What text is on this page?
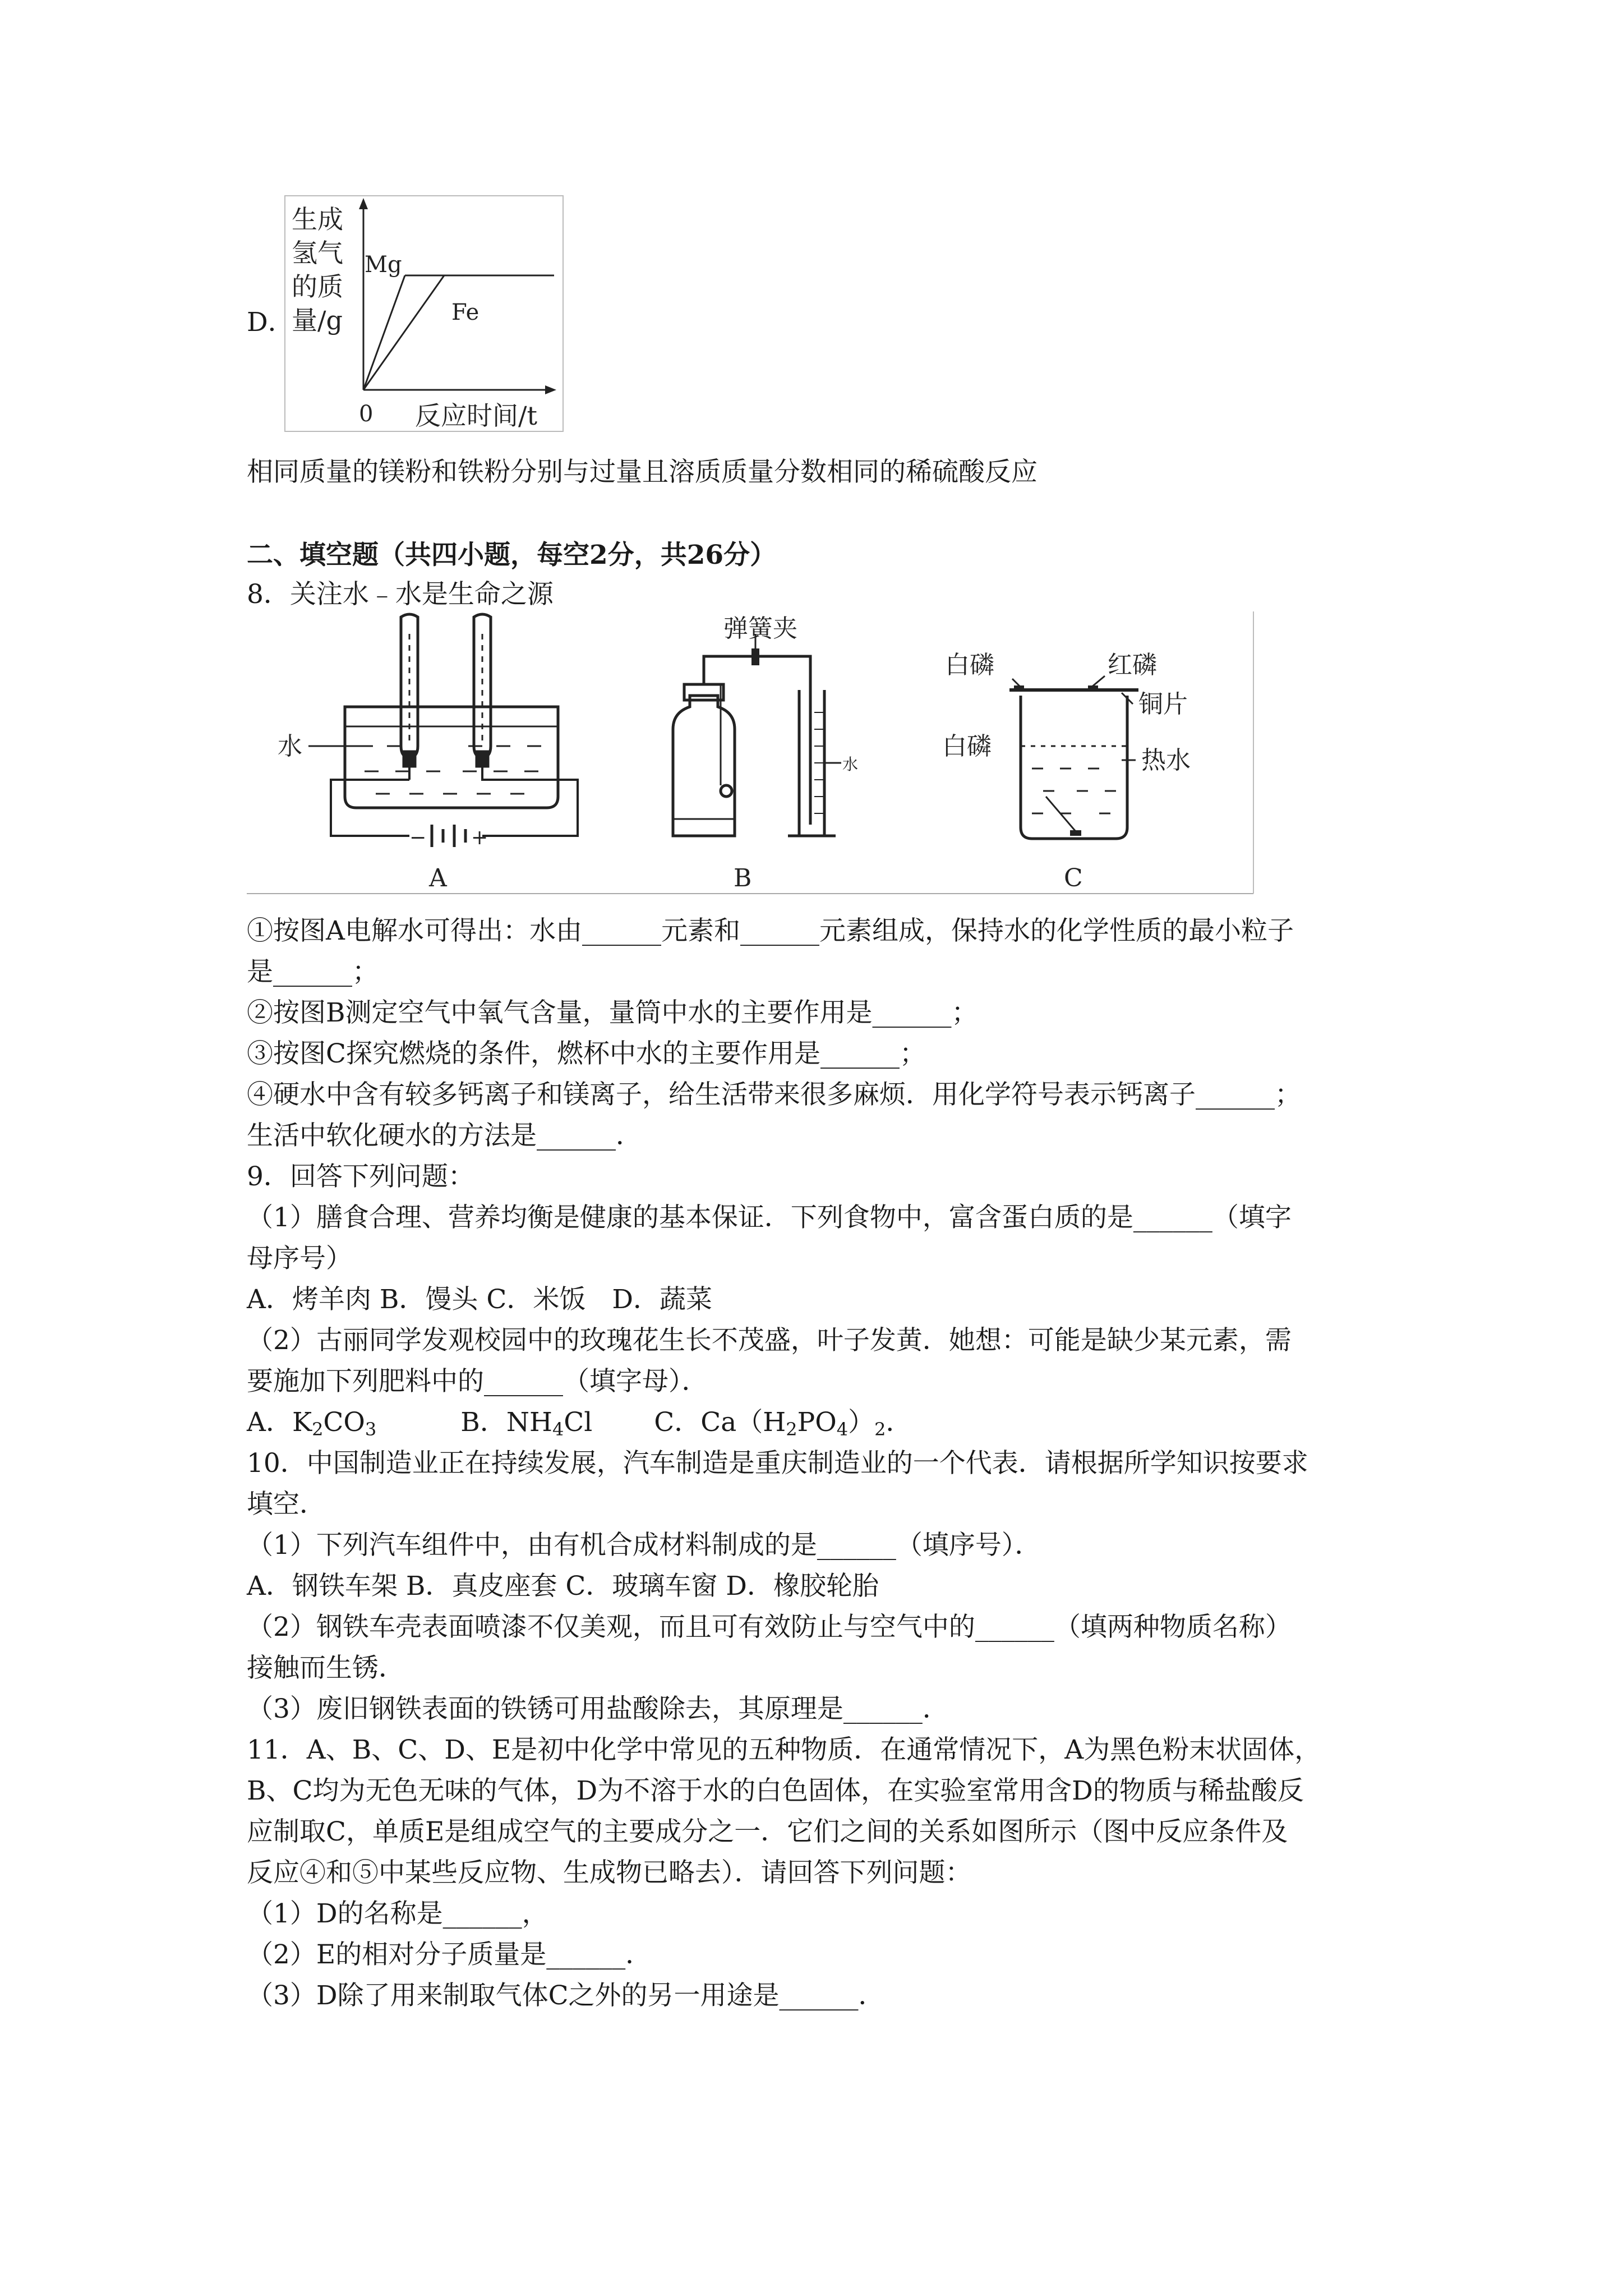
D．
生成
氢气
的质
量/g
0 反应时间/t
Mg
Fe
相同质量的镁粉和铁粉分别与过量且溶质质量分数相同的稀硫酸反应
二、填空题（共四小题，每空2分，共26分）
8．关注水﹣水是生命之源
− +
水
A
弹簧夹
水
B
白磷	红磷
铜片
白磷	热水
C
①按图A电解水可得出：水由______元素和______元素组成，保持水的化学性质的最小粒子
是______；
②按图B测定空气中氧气含量，量筒中水的主要作用是______；
③按图C探究燃烧的条件，燃杯中水的主要作用是______；
④硬水中含有较多钙离子和镁离子，给生活带来很多麻烦．用化学符号表示钙离子______；
生活中软化硬水的方法是______．
9．回答下列问题：
（1）膳食合理、营养均衡是健康的基本保证．下列食物中，富含蛋白质的是______（填字
母序号）
A．烤羊肉 B．馒头 C．米饭　D．蔬菜
（2）古丽同学发观校园中的玫瑰花生长不茂盛，叶子发黄．她想：可能是缺少某元素，需
要施加下列肥料中的______（填字母）．
A．$K_2CO_3$	B．$NH_4Cl$ C．$Ca(H_2PO_4)_2$．
10．中国制造业正在持续发展，汽车制造是重庆制造业的一个代表．请根据所学知识按要求
填空．
（1）下列汽车组件中，由有机合成材料制成的是______（填序号）．
A．钢铁车架 B．真皮座套 C．玻璃车窗 D．橡胶轮胎
（2）钢铁车壳表面喷漆不仅美观，而且可有效防止与空气中的______（填两种物质名称）
接触而生锈．
（3）废旧钢铁表面的铁锈可用盐酸除去，其原理是______．
11．A、B、C、D、E是初中化学中常见的五种物质．在通常情况下，A为黑色粉末状固体，
B、C均为无色无味的气体，D为不溶于水的白色固体，在实验室常用含D的物质与稀盐酸反
应制取C，单质E是组成空气的主要成分之一．它们之间的关系如图所示（图中反应条件及
反应④和⑤中某些反应物、生成物已略去）．请回答下列问题：
（1）D的名称是______，
（2）E的相对分子质量是______．
（3）D除了用来制取气体C之外的另一用途是______．
